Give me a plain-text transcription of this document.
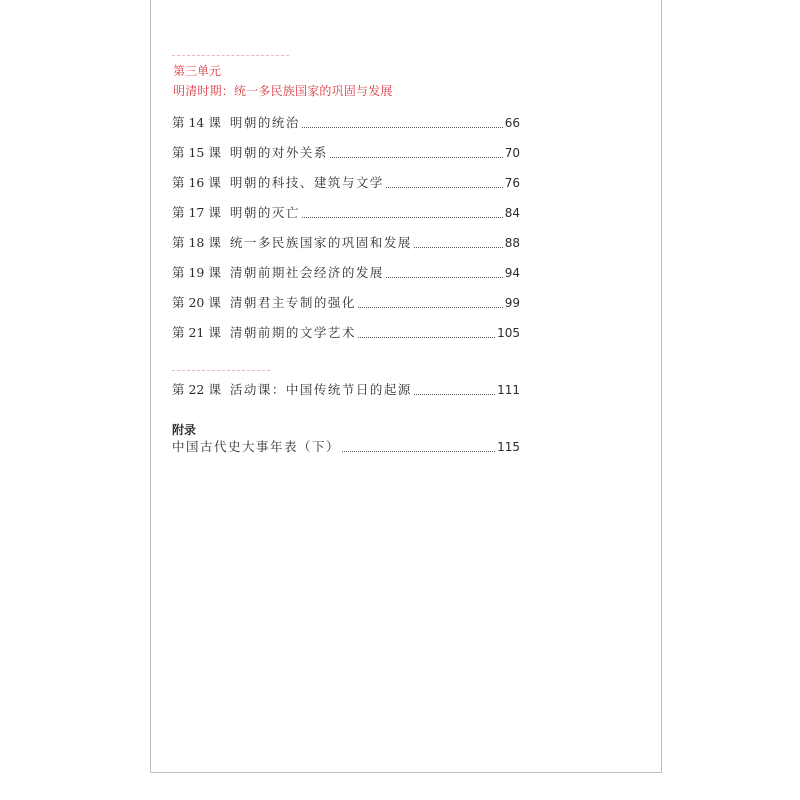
第三单元
明清时期：统一多民族国家的巩固与发展
第 14 课 明朝的统治	66
第 15 课 明朝的对外关系	70
第 16 课 明朝的科技、建筑与文学	76
第 17 课 明朝的灭亡	84
第 18 课 统一多民族国家的巩固和发展	88
第 19 课 清朝前期社会经济的发展	94
第 20 课 清朝君主专制的强化	99
第 21 课 清朝前期的文学艺术	105
第 22 课 活动课：中国传统节日的起源	111
附录
中国古代史大事年表（下）	115
